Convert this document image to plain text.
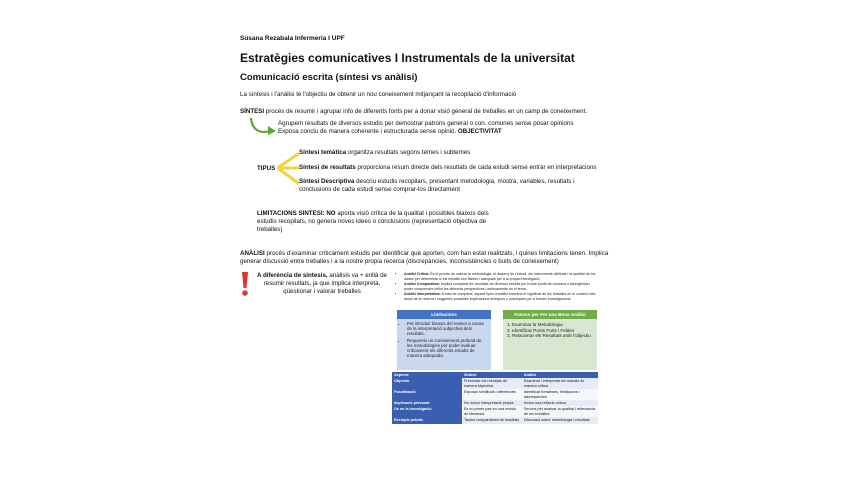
Susana Rezabala Infermeria I UPF
Estratègies comunicatives I Instrumentals de la universitat
Comunicació escrita (síntesi vs anàlisi)
La síntesis i l'anàlisi té l'objectiu de obtenir un nou coneixement mitjançant la recopilació d'informació
SÍNTESI procés de resumir i agrupar info de diferents fonts per a donar visió general de treballes en un camp de coneixement.
Agrupem resultats de diversos estudis per demostrar patrons general o con. comunes sense posar opinions
Exposa conclu de manera coherente i estructurada sense opinió. OBJECTIVITAT
TIPUS
Síntesi temàtica organitza resultats segons temes i subtemes
Síntesi de resultats proporciona resum directe dels resultats de cada estudi sense entrar en interpretacions
Síntesi Descriptiva descriu estudis recopilars, presentant metodologia, mostra, variables, resultats i conclusions de cada estudi sense comprar-los directament
LIMITACIONS SINTESI: NO aporta visió crítica de la qualitat i possibles biaixos dels estudis recopilats, no genera noves idees o conclusions (representació objectiva de treballes)
ANÀLISI procés d'examinar críticament estudis per identificar què aporten, com han estat realitzats, i quines limitacions tenen. Implica generar discussió entre treballes i a la nostre propia recerca (discrepàncies, inconsistències o buits de coneixement)
A diferència de síntesis, anàlisis va + enllà de resumir resultats, ja que implica interpreta, qüestionar i valorar treballes
• Anàlisi Crítica: És el procés de valorar la metodologia, el disseny de l'estudi, els instruments utilitzats i la qualitat de les dades per determinar si els treballs són fiables i adequats per a la pròpia investigació.
• Anàlisi Comparativa: Implica comparar els resultats de diversos estudis per trobar punts de consens o divergència i poder comprendre millor les diferents perspectives i enfocaments en el tema.
• Anàlisi Interpretativa: A més de comparar, aquest tipus d'anàlisi examina el significat de les troballes en el context més ampli de la recerca i suggereix possibles implicacions teòriques o pràctiques per a futures investigacions.
Limitacions
• Pot introduir biaixos del revisor a causa de la interpretació subjectiva dels resultats.
• Requereix un coneixement profund de les metodologies per poder avaluar críticament els diferents estudis de manera adequada.
Passos per Per una Bona Anàlisi
1. Examinar la Metodologia
2. Identificar Punts Forts i Febles
3. Relacionar els Resultats amb l'objectiu
Aspecte	Síntesi	Anàlisi
Objectiu	Presentar els resultats de manera objectiva	Examinar i interpretar els estudis de manera crítica
Focalització	Exposar similituds i diferències	Identificar fortaleses, limitacions i discrepàncies
Implicació personal	No inclou interpretació pròpia	Inclou una reflexió crítica
Ús en la investigació	És el primer pas en una revisió de literatura	Serveix per avaluar la qualitat i rellevància de les troballes
Exemple pràctic	Taules comparatives de resultats	Discussió sobre metodologia i resultats
